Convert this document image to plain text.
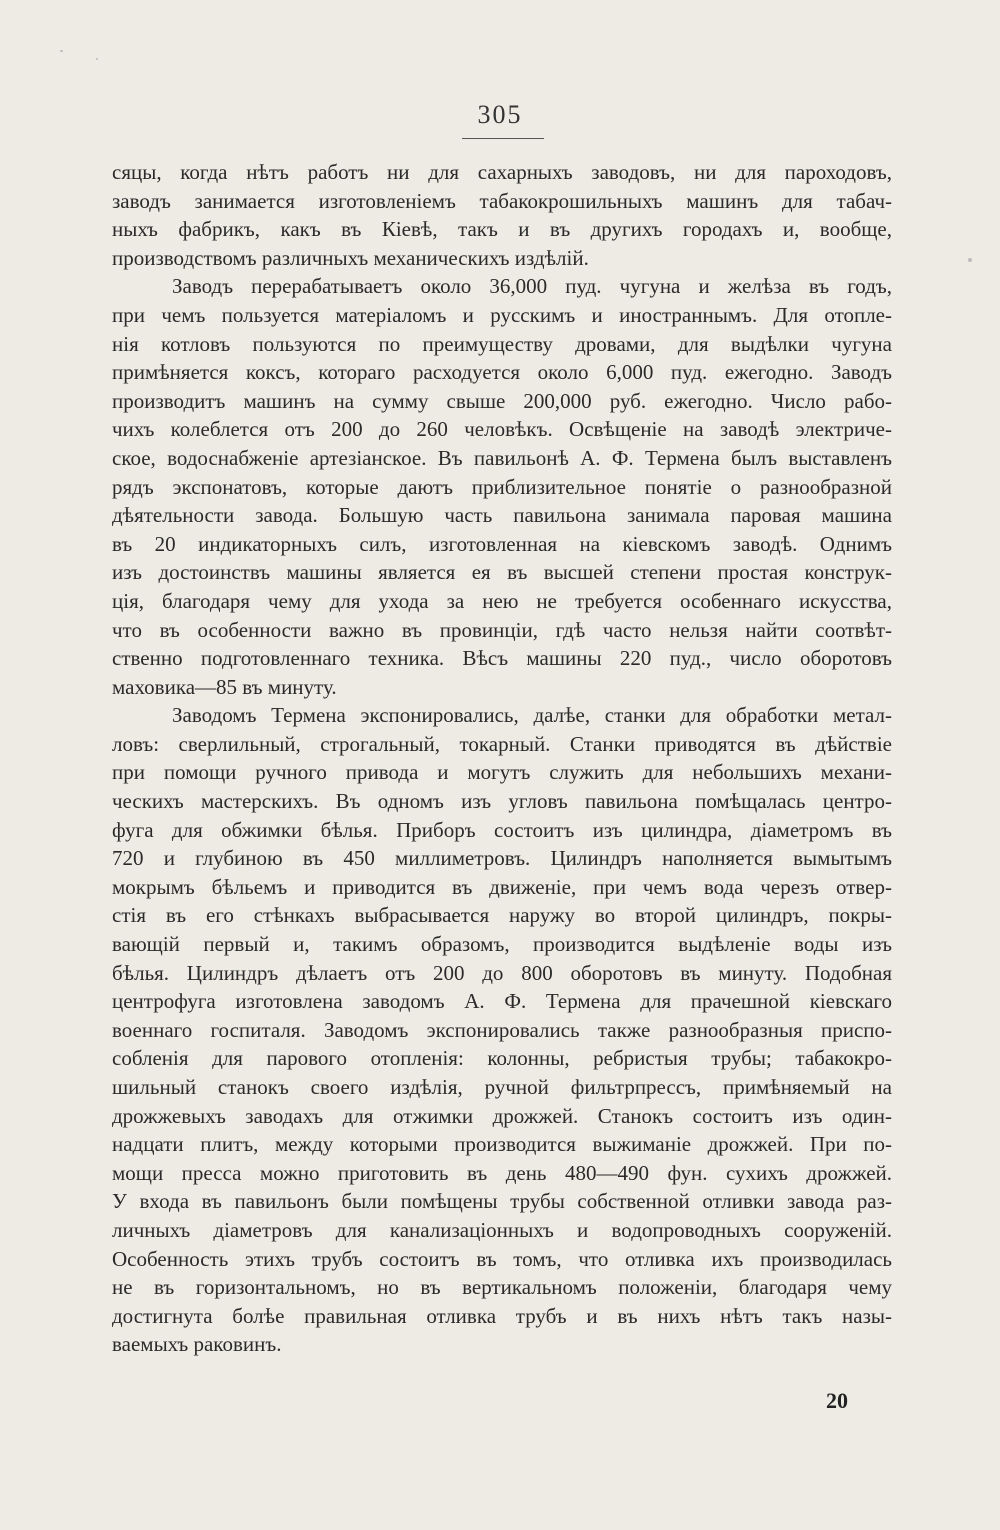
305
сяцы, когда нѣтъ работъ ни для сахарныхъ заводовъ, ни для пароходовъ,
заводъ занимается изготовленіемъ табакокрошильныхъ машинъ для табач-
ныхъ фабрикъ, какъ въ Кіевѣ, такъ и въ другихъ городахъ и, вообще,
производствомъ различныхъ механическихъ издѣлій.
Заводъ перерабатываетъ около 36,000 пуд. чугуна и желѣза въ годъ,
при чемъ пользуется матеріаломъ и русскимъ и иностраннымъ. Для отопле-
нія котловъ пользуются по преимуществу дровами, для выдѣлки чугуна
примѣняется коксъ, котораго расходуется около 6,000 пуд. ежегодно. Заводъ
производитъ машинъ на сумму свыше 200,000 руб. ежегодно. Число рабо-
чихъ колеблется отъ 200 до 260 человѣкъ. Освѣщеніе на заводѣ электриче-
ское, водоснабженіе артезіанское. Въ павильонѣ А. Ф. Термена былъ выставленъ
рядъ экспонатовъ, которые даютъ приблизительное понятіе о разнообразной
дѣятельности завода. Большую часть павильона занимала паровая машина
въ 20 индикаторныхъ силъ, изготовленная на кіевскомъ заводѣ. Однимъ
изъ достоинствъ машины является ея въ высшей степени простая конструк-
ція, благодаря чему для ухода за нею не требуется особеннаго искусства,
что въ особенности важно въ провинціи, гдѣ часто нельзя найти соотвѣт-
ственно подготовленнаго техника. Вѣсъ машины 220 пуд., число оборотовъ
маховика—85 въ минуту.
Заводомъ Термена экспонировались, далѣе, станки для обработки метал-
ловъ: сверлильный, строгальный, токарный. Станки приводятся въ дѣйствіе
при помощи ручного привода и могутъ служить для небольшихъ механи-
ческихъ мастерскихъ. Въ одномъ изъ угловъ павильона помѣщалась центро-
фуга для обжимки бѣлья. Приборъ состоитъ изъ цилиндра, діаметромъ въ
720 и глубиною въ 450 миллиметровъ. Цилиндръ наполняется вымытымъ
мокрымъ бѣльемъ и приводится въ движеніе, при чемъ вода черезъ отвер-
стія въ его стѣнкахъ выбрасывается наружу во второй цилиндръ, покры-
вающій первый и, такимъ образомъ, производится выдѣленіе воды изъ
бѣлья. Цилиндръ дѣлаетъ отъ 200 до 800 оборотовъ въ минуту. Подобная
центрофуга изготовлена заводомъ А. Ф. Термена для прачешной кіевскаго
военнаго госпиталя. Заводомъ экспонировались также разнообразныя приспо-
собленія для парового отопленія: колонны, ребристыя трубы; табакокро-
шильный станокъ своего издѣлія, ручной фильтрпрессъ, примѣняемый на
дрожжевыхъ заводахъ для отжимки дрожжей. Станокъ состоитъ изъ один-
надцати плитъ, между которыми производится выжиманіе дрожжей. При по-
мощи пресса можно приготовить въ день 480—490 фун. сухихъ дрожжей.
У входа въ павильонъ были помѣщены трубы собственной отливки завода раз-
личныхъ діаметровъ для канализаціонныхъ и водопроводныхъ сооруженій.
Особенность этихъ трубъ состоитъ въ томъ, что отливка ихъ производилась
не въ горизонтальномъ, но въ вертикальномъ положеніи, благодаря чему
достигнута болѣе правильная отливка трубъ и въ нихъ нѣтъ такъ назы-
ваемыхъ раковинъ.
20
